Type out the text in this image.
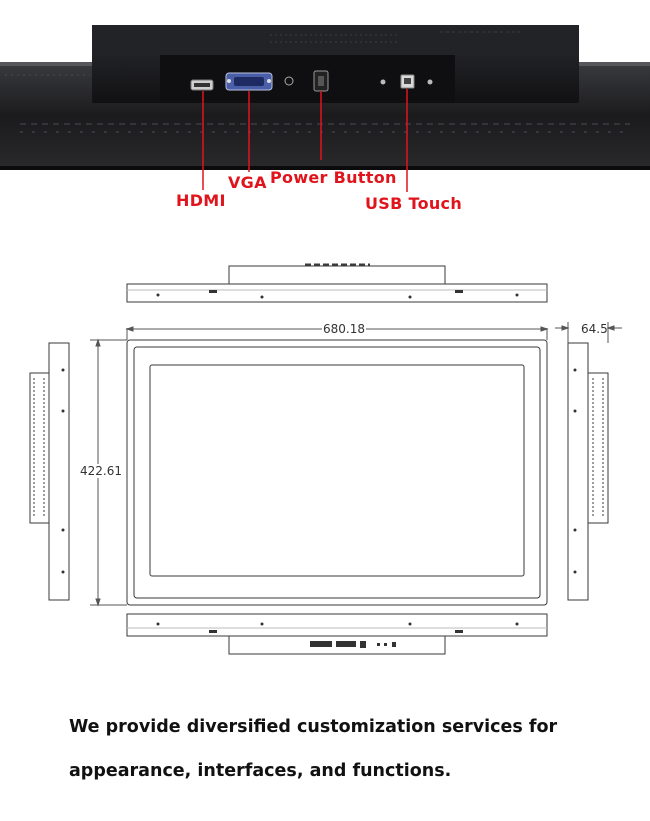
HDMI
VGA Power Button
USB Touch
680.18	64.5
422.61
We provide diversified customization services for
appearance, interfaces, and functions.
